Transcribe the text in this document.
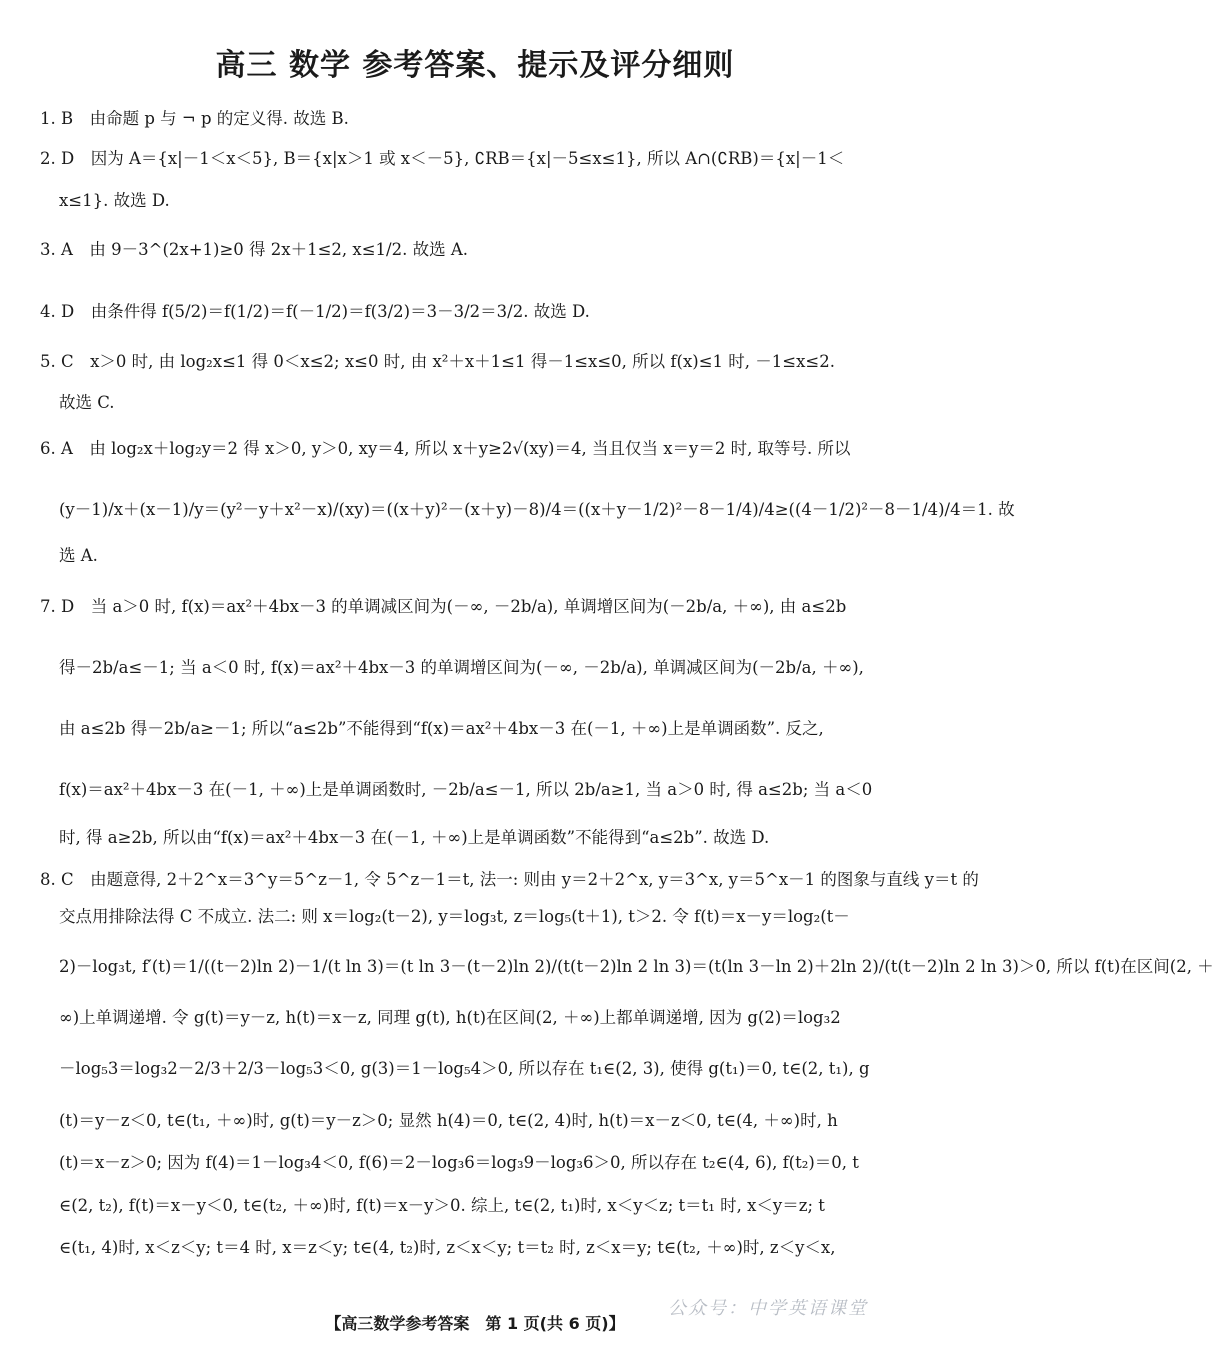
高三 数学 参考答案、提示及评分细则
1. B　由命题 p 与 ¬ p 的定义得. 故选 B.
2. D　因为 A＝{x|－1＜x＜5}, B＝{x|x＞1 或 x＜－5}, ∁RB＝{x|－5≤x≤1}, 所以 A∩(∁RB)＝{x|－1＜
x≤1}. 故选 D.
3. A　由 9－3^(2x+1)≥0 得 2x＋1≤2, x≤1/2. 故选 A.
4. D　由条件得 f(5/2)＝f(1/2)＝f(－1/2)＝f(3/2)＝3－3/2＝3/2. 故选 D.
5. C　x＞0 时, 由 log₂x≤1 得 0＜x≤2; x≤0 时, 由 x²＋x＋1≤1 得－1≤x≤0, 所以 f(x)≤1 时, －1≤x≤2.
故选 C.
6. A　由 log₂x＋log₂y＝2 得 x＞0, y＞0, xy＝4, 所以 x＋y≥2√(xy)＝4, 当且仅当 x＝y＝2 时, 取等号. 所以
(y－1)/x＋(x－1)/y＝(y²－y＋x²－x)/(xy)＝((x＋y)²－(x＋y)－8)/4＝((x＋y－1/2)²－8－1/4)/4≥((4－1/2)²－8－1/4)/4＝1. 故
选 A.
7. D　当 a＞0 时, f(x)＝ax²＋4bx－3 的单调减区间为(－∞, －2b/a), 单调增区间为(－2b/a, ＋∞), 由 a≤2b
得－2b/a≤－1; 当 a＜0 时, f(x)＝ax²＋4bx－3 的单调增区间为(－∞, －2b/a), 单调减区间为(－2b/a, ＋∞),
由 a≤2b 得－2b/a≥－1; 所以“a≤2b”不能得到“f(x)＝ax²＋4bx－3 在(－1, ＋∞)上是单调函数”. 反之,
f(x)＝ax²＋4bx－3 在(－1, ＋∞)上是单调函数时, －2b/a≤－1, 所以 2b/a≥1, 当 a＞0 时, 得 a≤2b; 当 a＜0
时, 得 a≥2b, 所以由“f(x)＝ax²＋4bx－3 在(－1, ＋∞)上是单调函数”不能得到“a≤2b”. 故选 D.
8. C　由题意得, 2＋2^x＝3^y＝5^z－1, 令 5^z－1＝t, 法一: 则由 y＝2＋2^x, y＝3^x, y＝5^x－1 的图象与直线 y＝t 的
交点用排除法得 C 不成立. 法二: 则 x＝log₂(t－2), y＝log₃t, z＝log₅(t＋1), t＞2. 令 f(t)＝x－y＝log₂(t－
2)－log₃t, f′(t)＝1/((t－2)ln 2)－1/(t ln 3)＝(t ln 3－(t－2)ln 2)/(t(t－2)ln 2 ln 3)＝(t(ln 3－ln 2)＋2ln 2)/(t(t－2)ln 2 ln 3)＞0, 所以 f(t)在区间(2, ＋
∞)上单调递增. 令 g(t)＝y－z, h(t)＝x－z, 同理 g(t), h(t)在区间(2, ＋∞)上都单调递增, 因为 g(2)＝log₃2
－log₅3＝log₃2－2/3＋2/3－log₅3＜0, g(3)＝1－log₅4＞0, 所以存在 t₁∈(2, 3), 使得 g(t₁)＝0, t∈(2, t₁), g
(t)＝y－z＜0, t∈(t₁, ＋∞)时, g(t)＝y－z＞0; 显然 h(4)＝0, t∈(2, 4)时, h(t)＝x－z＜0, t∈(4, ＋∞)时, h
(t)＝x－z＞0; 因为 f(4)＝1－log₃4＜0, f(6)＝2－log₃6＝log₃9－log₃6＞0, 所以存在 t₂∈(4, 6), f(t₂)＝0, t
∈(2, t₂), f(t)＝x－y＜0, t∈(t₂, ＋∞)时, f(t)＝x－y＞0. 综上, t∈(2, t₁)时, x＜y＜z; t＝t₁ 时, x＜y＝z; t
∈(t₁, 4)时, x＜z＜y; t＝4 时, x＝z＜y; t∈(4, t₂)时, z＜x＜y; t＝t₂ 时, z＜x＝y; t∈(t₂, ＋∞)时, z＜y＜x,
公众号：中学英语课堂
【高三数学参考答案　第 1 页(共 6 页)】
